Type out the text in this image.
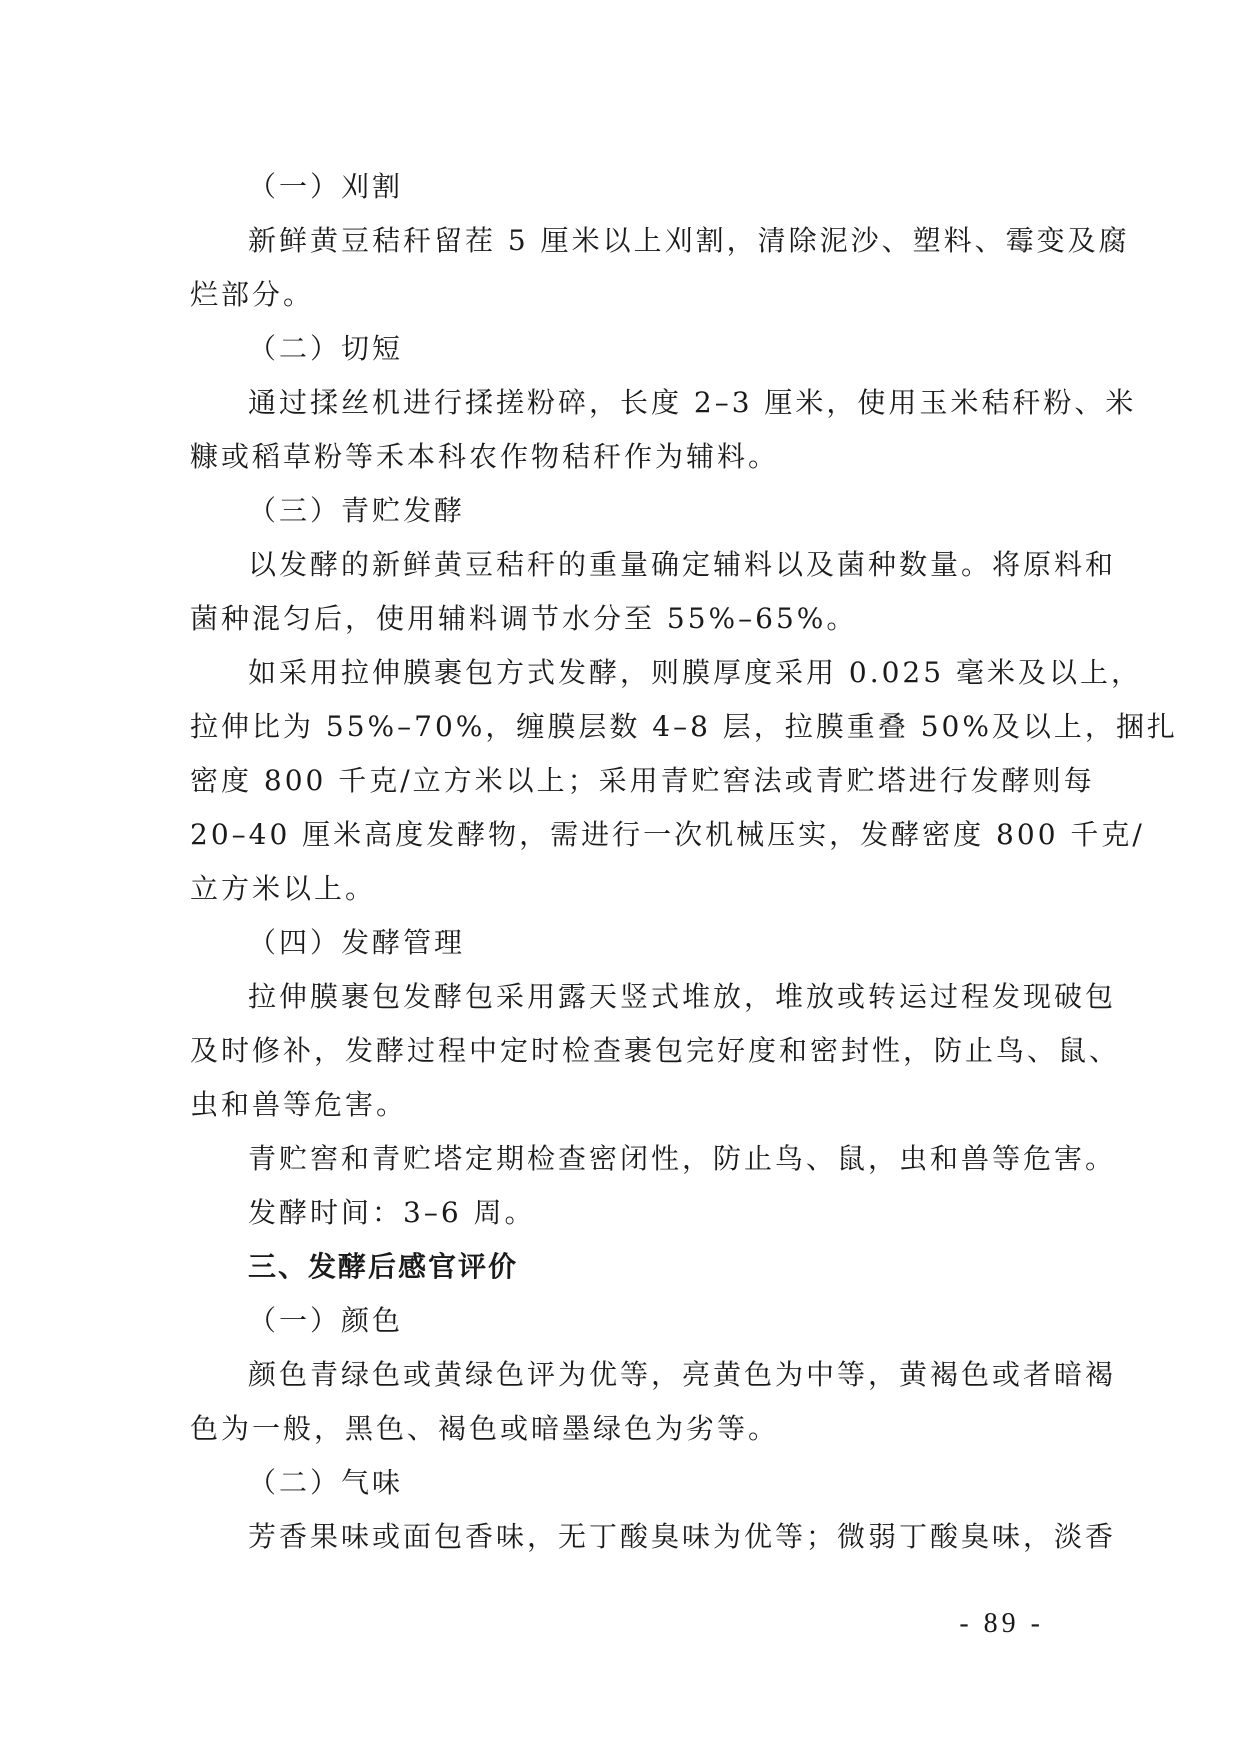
（一）刈割
新鲜黄豆秸秆留茬 5 厘米以上刈割，清除泥沙、塑料、霉变及腐
烂部分。
（二）切短
通过揉丝机进行揉搓粉碎，长度 2–3 厘米，使用玉米秸秆粉、米
糠或稻草粉等禾本科农作物秸秆作为辅料。
（三）青贮发酵
以发酵的新鲜黄豆秸秆的重量确定辅料以及菌种数量。将原料和
菌种混匀后，使用辅料调节水分至 55%–65%。
如采用拉伸膜裹包方式发酵，则膜厚度采用 0.025 毫米及以上，
拉伸比为 55%–70%，缠膜层数 4–8 层，拉膜重叠 50%及以上，捆扎
密度 800 千克/立方米以上；采用青贮窖法或青贮塔进行发酵则每
20–40 厘米高度发酵物，需进行一次机械压实，发酵密度 800 千克/
立方米以上。
（四）发酵管理
拉伸膜裹包发酵包采用露天竖式堆放，堆放或转运过程发现破包
及时修补，发酵过程中定时检查裹包完好度和密封性，防止鸟、鼠、
虫和兽等危害。
青贮窖和青贮塔定期检查密闭性，防止鸟、鼠，虫和兽等危害。
发酵时间：3–6 周。
三、发酵后感官评价
（一）颜色
颜色青绿色或黄绿色评为优等，亮黄色为中等，黄褐色或者暗褐
色为一般，黑色、褐色或暗墨绿色为劣等。
（二）气味
芳香果味或面包香味，无丁酸臭味为优等；微弱丁酸臭味，淡香
- 89 -
